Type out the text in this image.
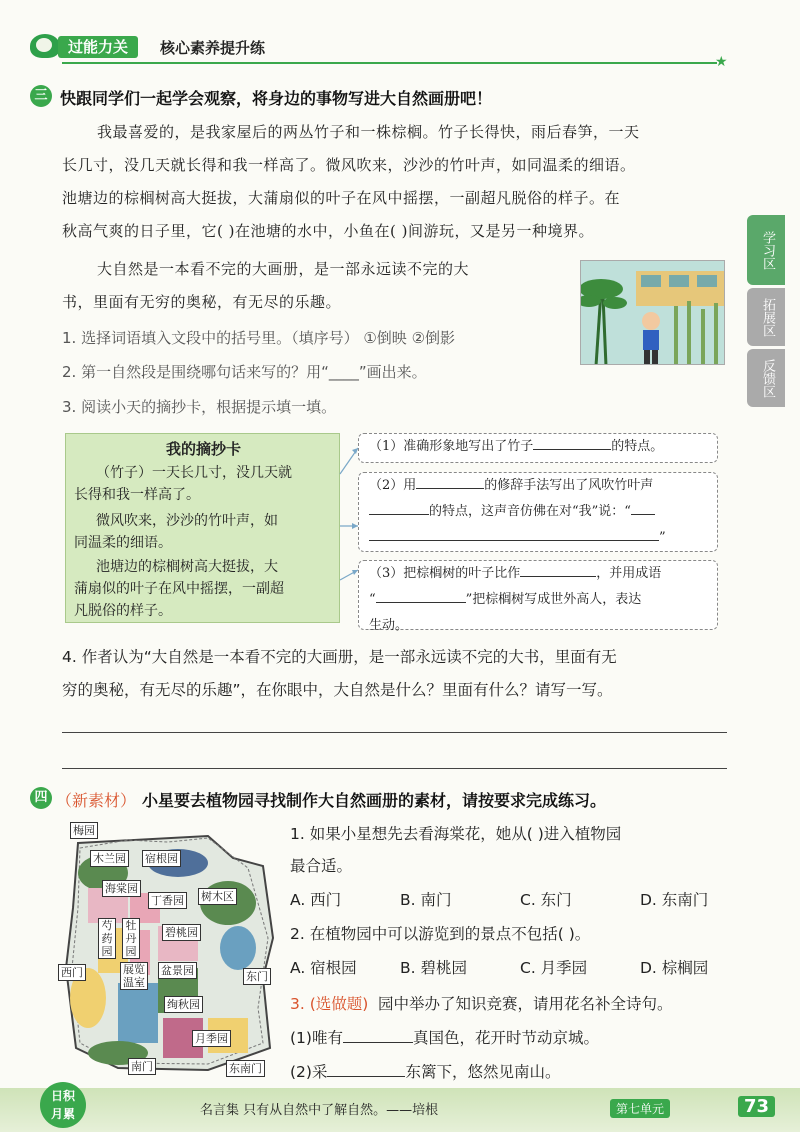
过能力关	核心素养提升练
★
学习区
拓展区
反馈区
三 快跟同学们一起学会观察，将身边的事物写进大自然画册吧！
我最喜爱的，是我家屋后的两丛竹子和一株棕榈。竹子长得快，雨后春笋，一天
长几寸，没几天就长得和我一样高了。微风吹来，沙沙的竹叶声，如同温柔的细语。
池塘边的棕榈树高大挺拔，大蒲扇似的叶子在风中摇摆，一副超凡脱俗的样子。在
秋高气爽的日子里，它( )在池塘的水中，小鱼在( )间游玩，又是另一种境界。
大自然是一本看不完的大画册，是一部永远读不完的大
书，里面有无穷的奥秘，有无尽的乐趣。
1. 选择词语填入文段中的括号里。（填序号） ①倒映 ②倒影
2. 第一自然段是围绕哪句话来写的？用“____”画出来。
3. 阅读小天的摘抄卡，根据提示填一填。
我的摘抄卡
（竹子）一天长几寸，没几天就
长得和我一样高了。
微风吹来，沙沙的竹叶声，如
同温柔的细语。
池塘边的棕榈树高大挺拔，大
蒲扇似的叶子在风中摇摆，一副超
凡脱俗的样子。
（1）准确形象地写出了竹子	的特点。
（2）用	的修辞手法写出了风吹竹叶声
的特点，这声音仿佛在对“我”说：“
”
（3）把棕榈树的叶子比作	，并用成语
“	”把棕榈树写成世外高人，表达
生动。
4. 作者认为“大自然是一本看不完的大画册，是一部永远读不完的大书，里面有无
穷的奥秘，有无尽的乐趣”，在你眼中，大自然是什么？里面有什么？请写一写。
四 （新素材） 小星要去植物园寻找制作大自然画册的素材，请按要求完成练习。
梅园
木兰园 宿根园
海棠园
丁香园 树木区
芍药园
牡丹园
碧桃园
西门	展览温室
盆景园	东门
绚秋园
月季园
南门	东南门
1. 如果小星想先去看海棠花，她从( )进入植物园
最合适。
A. 西门	B. 南门	C. 东门	D. 东南门
2. 在植物园中可以游览到的景点不包括( )。
A. 宿根园	B. 碧桃园	C. 月季园	D. 棕榈园
3. (选做题) 园中举办了知识竞赛，请用花名补全诗句。
(1)唯有	真国色，花开时节动京城。
(2)采	东篱下，悠然见南山。
日积
月累	名言集 只有从自然中了解自然。——培根	第七单元	73
